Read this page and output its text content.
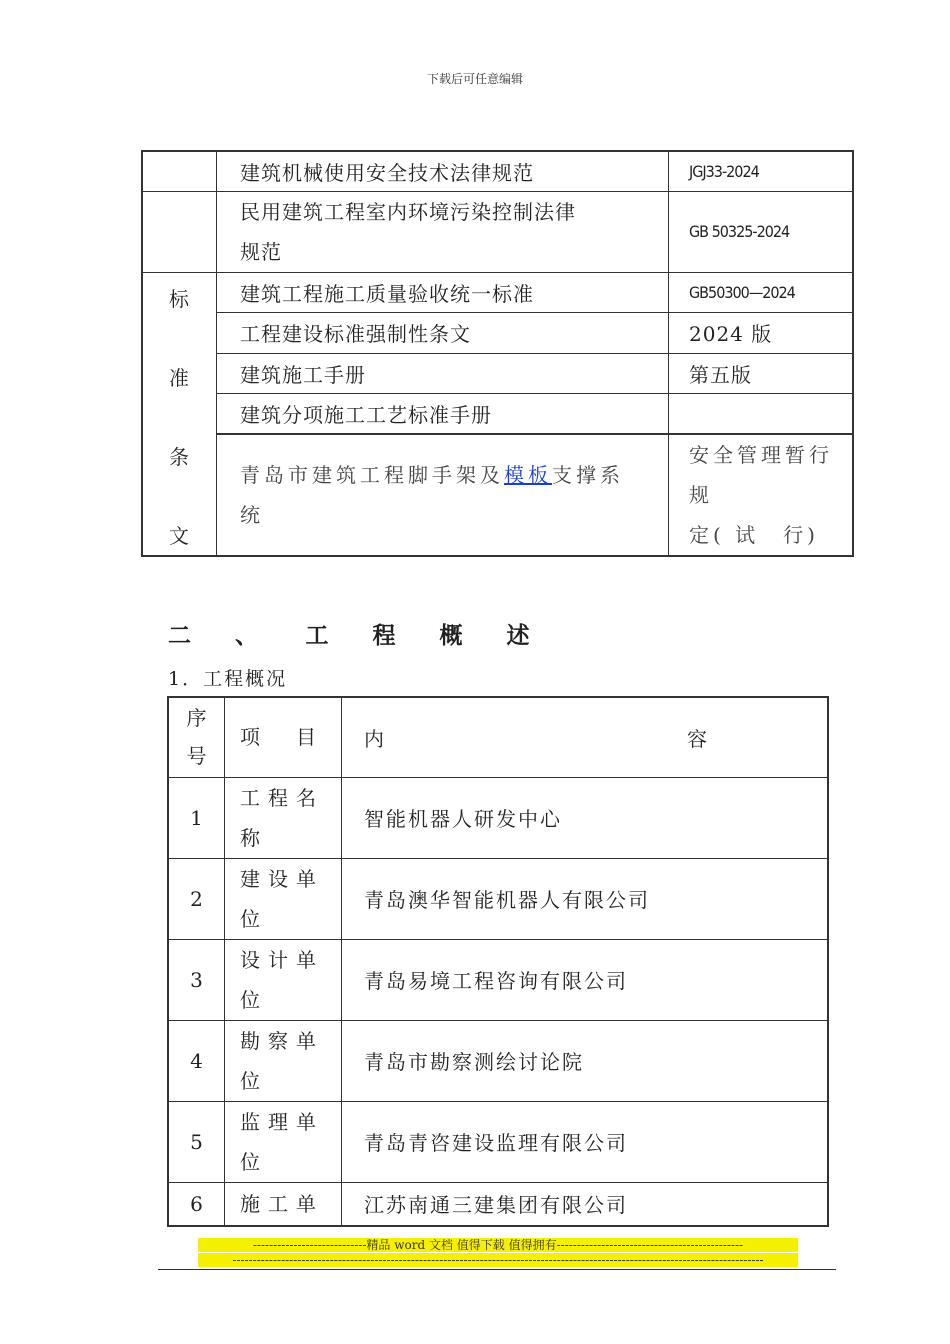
下载后可任意编辑
	建筑机械使用安全技术法律规范	JGJ33-2024
	民用建筑工程室内环境污染控制法律
规范	GB 50325-2024

标
准
条
文	建筑工程施工质量验收统一标准	GB50300—2024
	工程建设标准强制性条文	2024 版
	建筑施工手册	第五版
	建筑分项施工工艺标准手册	
	青岛市建筑工程脚手架及模板支撑系
统	安全管理暂行规
定( 试　行)
二 、　工 程 概 述
1．工程概况
序
号	项　目	内 容

1	工程名
称	智能机器人研发中心
2	建设单
位	青岛澳华智能机器人有限公司
3	设计单
位	青岛易境工程咨询有限公司
4	勘察单
位	青岛市勘察测绘讨论院
5	监理单
位	青岛青咨建设监理有限公司
6	施工单	江苏南通三建集团有限公司
----------------------------精品 word 文档 值得下载 值得拥有----------------------------------------------
-----------------------------------------------------------------------------------------------------------------------------------
